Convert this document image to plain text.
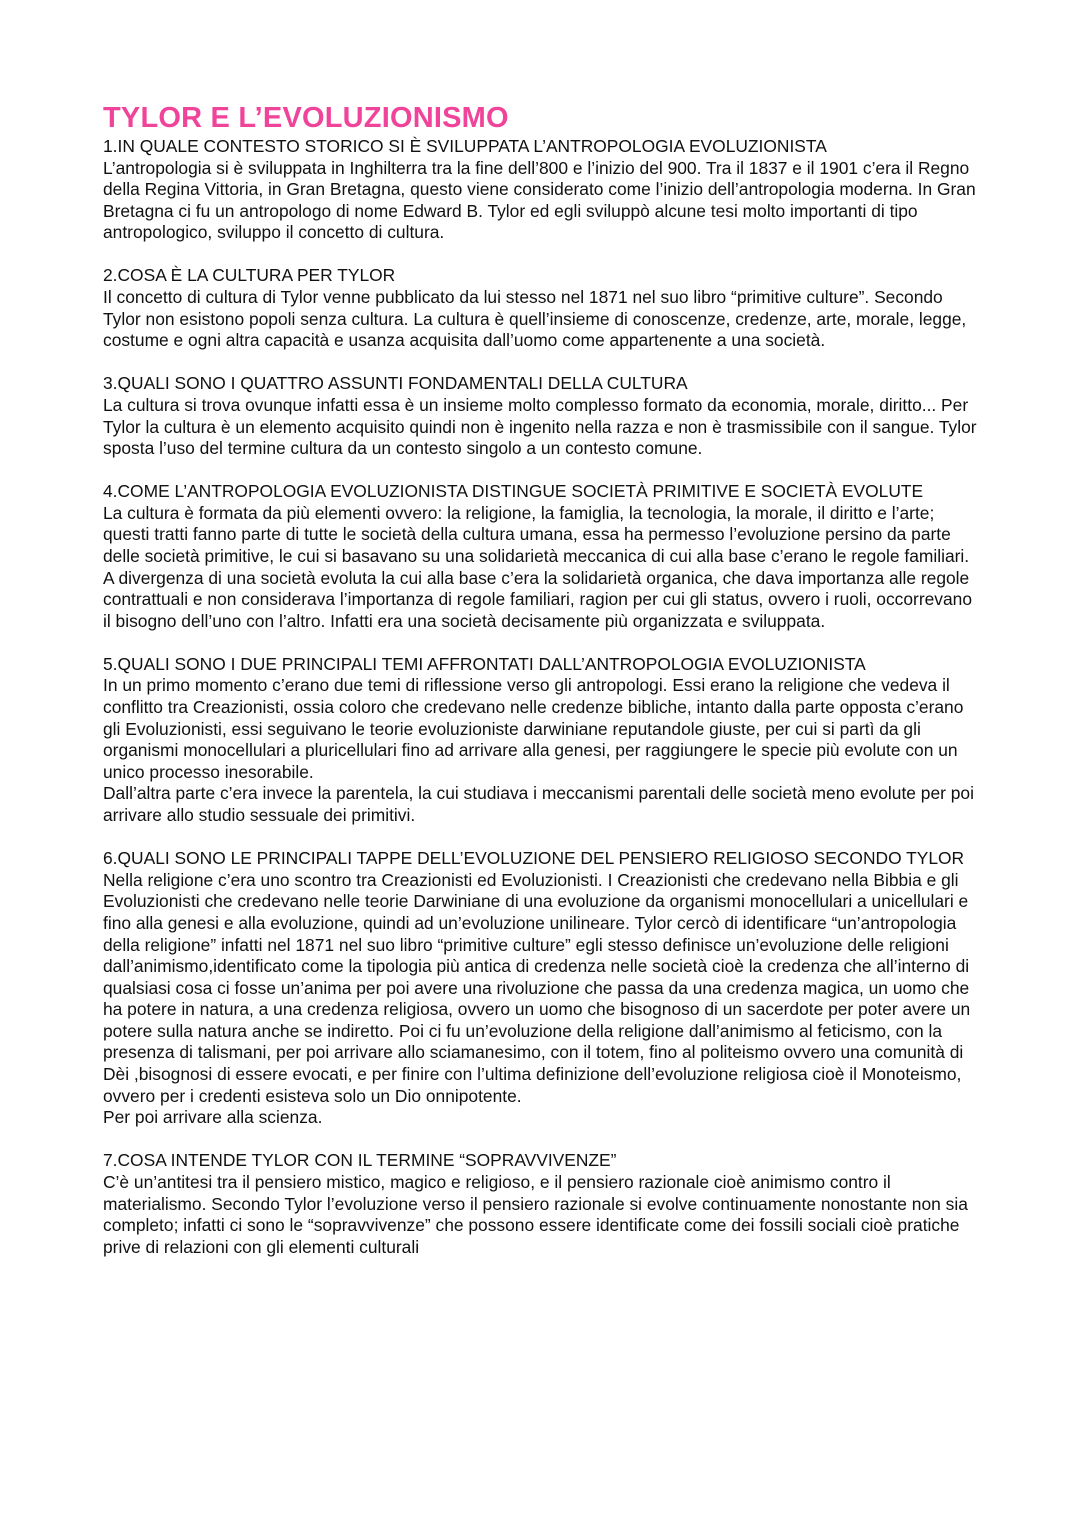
TYLOR E L’EVOLUZIONISMO

1.IN QUALE CONTESTO STORICO SI È SVILUPPATA L’ANTROPOLOGIA EVOLUZIONISTA

L’antropologia si è sviluppata in Inghilterra tra la fine dell’800 e l’inizio del 900. Tra il 1837 e il 1901 c’era il Regno della Regina Vittoria, in Gran Bretagna, questo viene considerato come l’inizio dell’antropologia moderna. In Gran Bretagna ci fu un antropologo di nome Edward B. Tylor ed egli sviluppò alcune tesi molto importanti di tipo antropologico, sviluppo il concetto di cultura.

2.COSA È LA CULTURA PER TYLOR

Il concetto di cultura di Tylor venne pubblicato da lui stesso nel 1871 nel suo libro “primitive culture”. Secondo Tylor non esistono popoli senza cultura. La cultura è quell’insieme di conoscenze, credenze, arte, morale, legge, costume e ogni altra capacità e usanza acquisita dall’uomo come appartenente a una società.

3.QUALI SONO I QUATTRO ASSUNTI FONDAMENTALI DELLA CULTURA

La cultura si trova ovunque infatti essa è un insieme molto complesso formato da economia, morale, diritto... Per Tylor la cultura è un elemento acquisito quindi non è ingenito nella razza e non è trasmissibile con il sangue. Tylor sposta l’uso del termine cultura da un contesto singolo a un contesto comune.

4.COME L’ANTROPOLOGIA EVOLUZIONISTA DISTINGUE SOCIETÀ PRIMITIVE E SOCIETÀ EVOLUTE

La cultura è formata da più elementi ovvero: la religione, la famiglia, la tecnologia, la morale, il diritto e l’arte; questi tratti fanno parte di tutte le società della cultura umana, essa ha permesso l’evoluzione persino da parte delle società primitive, le cui si basavano su una solidarietà meccanica di cui alla base c’erano le regole familiari. A divergenza di una società evoluta la cui alla base c’era la solidarietà organica, che dava importanza alle regole contrattuali e non considerava l’importanza di regole familiari, ragion per cui gli status, ovvero i ruoli, occorrevano il bisogno dell’uno con l’altro. Infatti era una società decisamente più organizzata e sviluppata.

5.QUALI SONO I DUE PRINCIPALI TEMI AFFRONTATI DALL’ANTROPOLOGIA EVOLUZIONISTA

In un primo momento c’erano due temi di riflessione verso gli antropologi. Essi erano la religione che vedeva il conflitto tra Creazionisti, ossia coloro che credevano nelle credenze bibliche, intanto dalla parte opposta c’erano gli Evoluzionisti, essi seguivano le teorie evoluzioniste darwiniane reputandole giuste, per cui si partì da gli organismi monocellulari a pluricellulari fino ad arrivare alla genesi, per raggiungere le specie più evolute con un unico processo inesorabile.

Dall’altra parte c’era invece la parentela, la cui studiava i meccanismi parentali delle società meno evolute per poi arrivare allo studio sessuale dei primitivi.

6.QUALI SONO LE PRINCIPALI TAPPE DELL’EVOLUZIONE DEL PENSIERO RELIGIOSO SECONDO TYLOR

Nella religione c’era uno scontro tra Creazionisti ed Evoluzionisti. I Creazionisti che credevano nella Bibbia e gli Evoluzionisti che credevano nelle teorie Darwiniane di una evoluzione da organismi monocellulari a unicellulari e fino alla genesi e alla evoluzione, quindi ad un’evoluzione unilineare. Tylor cercò di identificare “un’antropologia della religione” infatti nel 1871 nel suo libro “primitive culture” egli stesso definisce un’evoluzione delle religioni dall’animismo,identificato come la tipologia più antica di credenza nelle società cioè la credenza che all’interno di qualsiasi cosa ci fosse un’anima per poi avere una rivoluzione che passa da una credenza magica, un uomo che ha potere in natura, a una credenza religiosa, ovvero un uomo che bisognoso di un sacerdote per poter avere un potere sulla natura anche se indiretto. Poi ci fu un’evoluzione della religione dall’animismo al feticismo, con la presenza di talismani, per poi arrivare allo sciamanesimo, con il totem, fino al politeismo ovvero una comunità di Dèi ,bisognosi di essere evocati, e per finire con l’ultima definizione dell’evoluzione religiosa cioè il Monoteismo, ovvero per i credenti esisteva solo un Dio onnipotente.

Per poi arrivare alla scienza.

7.COSA INTENDE TYLOR CON IL TERMINE “SOPRAVVIVENZE”

C’è un’antitesi tra il pensiero mistico, magico e religioso, e il pensiero razionale cioè animismo contro il materialismo. Secondo Tylor l’evoluzione verso il pensiero razionale si evolve continuamente nonostante non sia completo; infatti ci sono le “sopravvivenze” che possono essere identificate come dei fossili sociali cioè pratiche prive di relazioni con gli elementi culturali
